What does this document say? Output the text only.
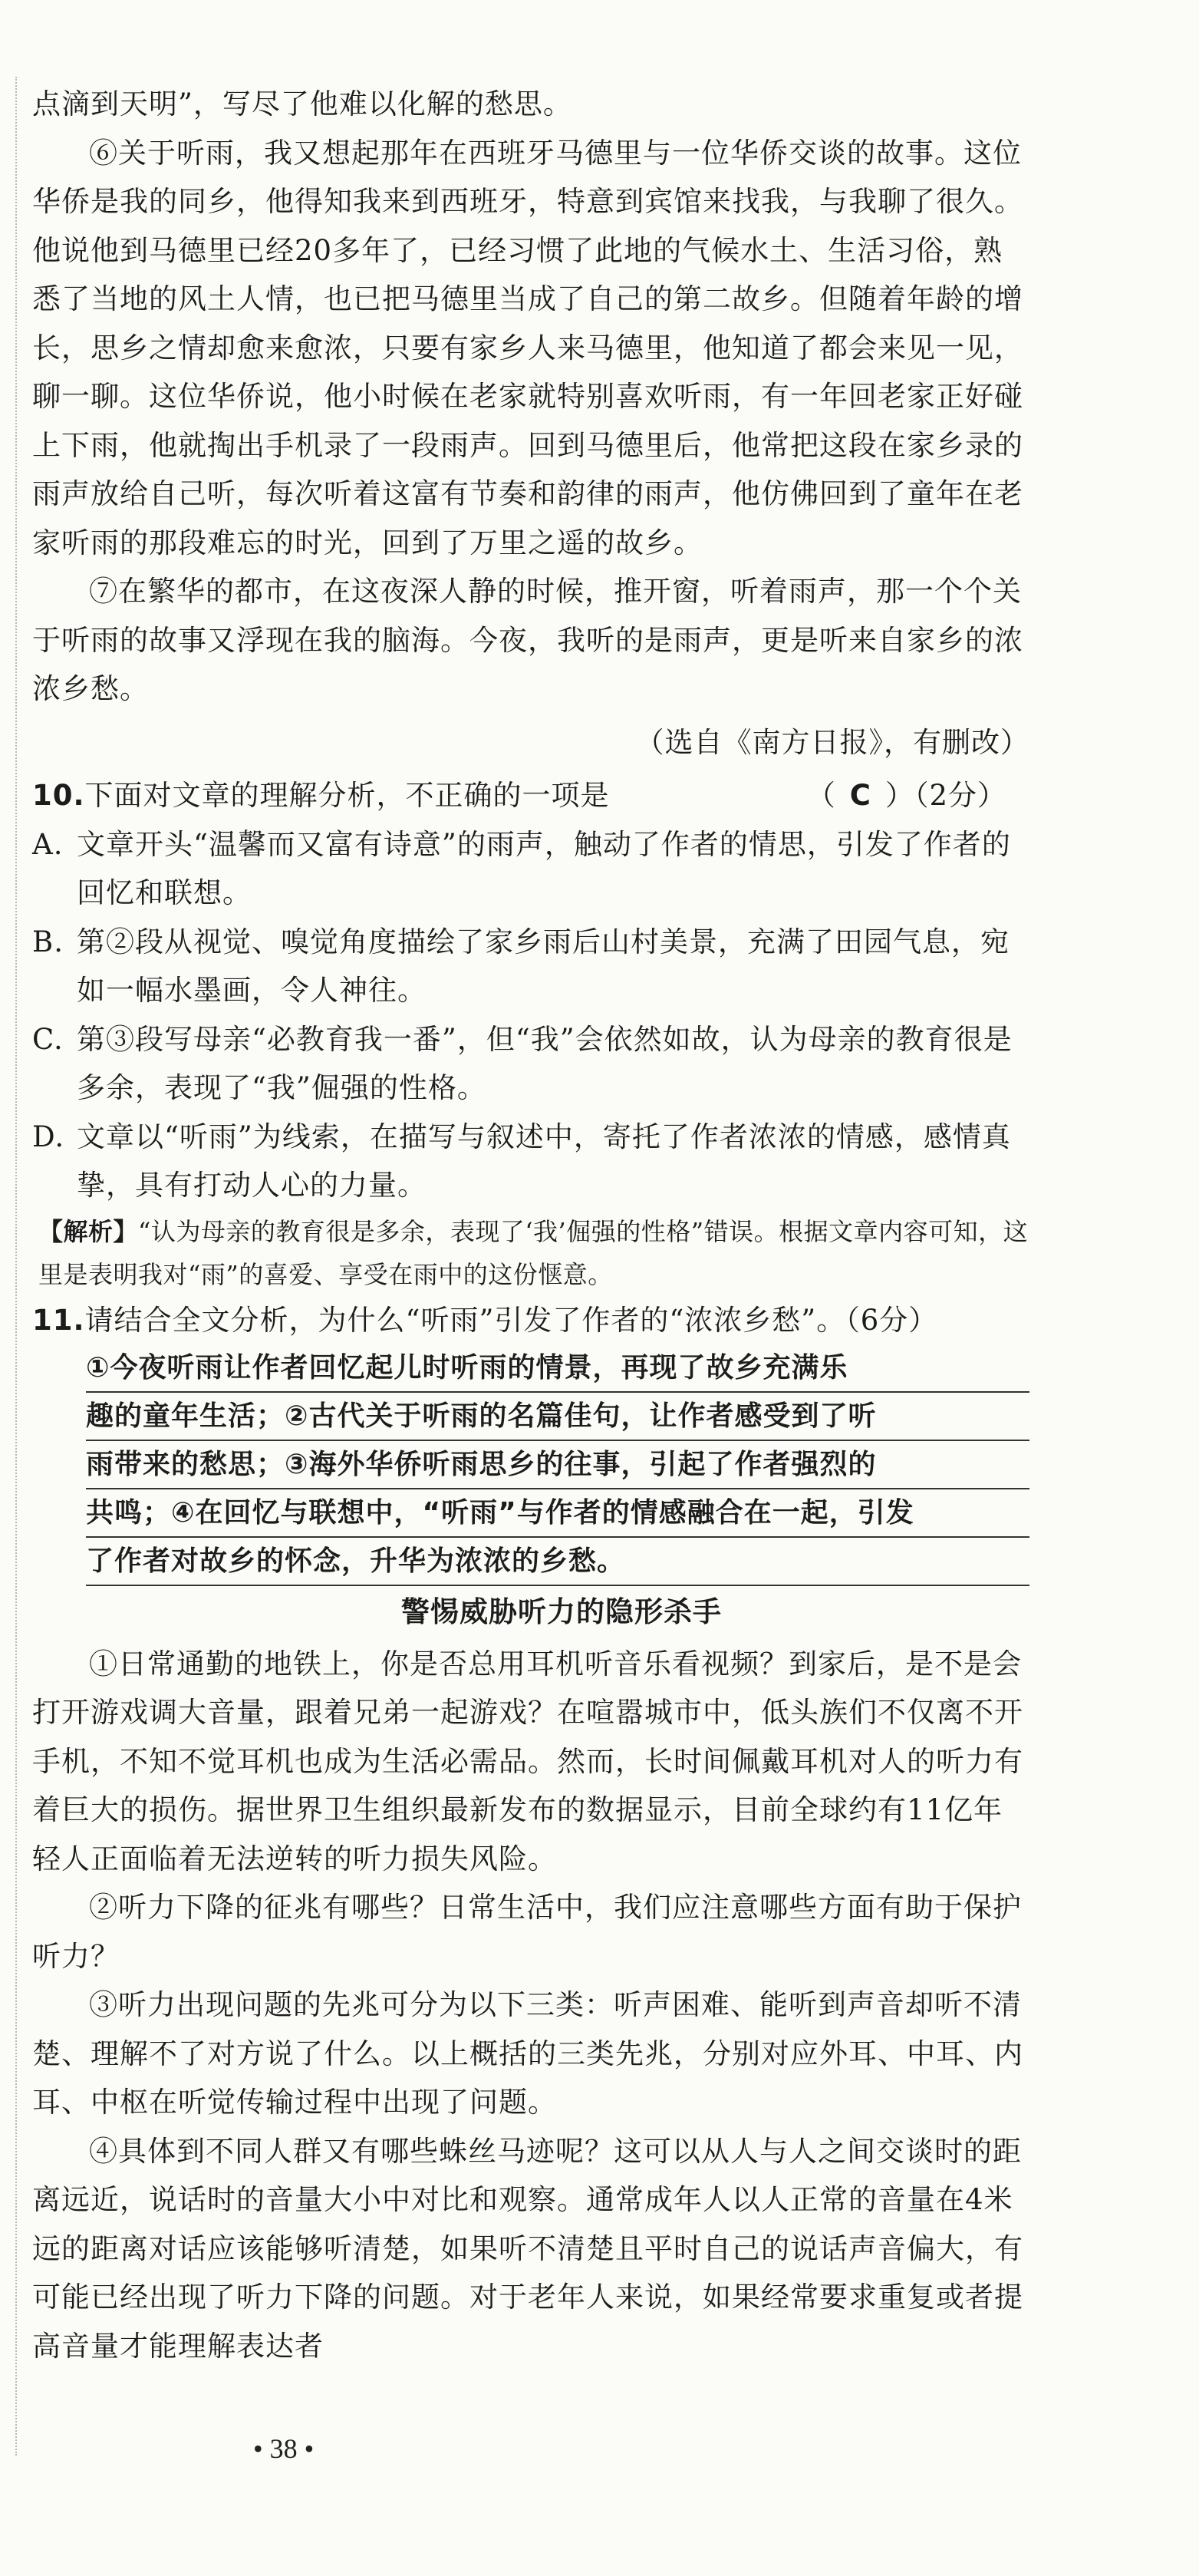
点滴到天明”，写尽了他难以化解的愁思。

⑥关于听雨，我又想起那年在西班牙马德里与一位华侨交谈的故事。这位华侨是我的同乡，他得知我来到西班牙，特意到宾馆来找我，与我聊了很久。他说他到马德里已经20多年了，已经习惯了此地的气候水土、生活习俗，熟悉了当地的风土人情，也已把马德里当成了自己的第二故乡。但随着年龄的增长，思乡之情却愈来愈浓，只要有家乡人来马德里，他知道了都会来见一见，聊一聊。这位华侨说，他小时候在老家就特别喜欢听雨，有一年回老家正好碰上下雨，他就掏出手机录了一段雨声。回到马德里后，他常把这段在家乡录的雨声放给自己听，每次听着这富有节奏和韵律的雨声，他仿佛回到了童年在老家听雨的那段难忘的时光，回到了万里之遥的故乡。

⑦在繁华的都市，在这夜深人静的时候，推开窗，听着雨声，那一个个关于听雨的故事又浮现在我的脑海。今夜，我听的是雨声，更是听来自家乡的浓浓乡愁。

（选自《南方日报》，有删改）

10.下面对文章的理解分析，不正确的一项是	（ C ）（2分）

A. 文章开头“温馨而又富有诗意”的雨声，触动了作者的情思，引发了作者的回忆和联想。

B. 第②段从视觉、嗅觉角度描绘了家乡雨后山村美景，充满了田园气息，宛如一幅水墨画，令人神往。

C. 第③段写母亲“必教育我一番”，但“我”会依然如故，认为母亲的教育很是多余，表现了“我”倔强的性格。

D. 文章以“听雨”为线索，在描写与叙述中，寄托了作者浓浓的情感，感情真挚，具有打动人心的力量。

【解析】“认为母亲的教育很是多余，表现了‘我’倔强的性格”错误。根据文章内容可知，这里是表明我对“雨”的喜爱、享受在雨中的这份惬意。

11.请结合全文分析，为什么“听雨”引发了作者的“浓浓乡愁”。（6分）

①今夜听雨让作者回忆起儿时听雨的情景，再现了故乡充满乐
趣的童年生活；②古代关于听雨的名篇佳句，让作者感受到了听
雨带来的愁思；③海外华侨听雨思乡的往事，引起了作者强烈的
共鸣；④在回忆与联想中，“听雨”与作者的情感融合在一起，引发
了作者对故乡的怀念，升华为浓浓的乡愁。

警惕威胁听力的隐形杀手

①日常通勤的地铁上，你是否总用耳机听音乐看视频？到家后，是不是会打开游戏调大音量，跟着兄弟一起游戏？在喧嚣城市中，低头族们不仅离不开手机，不知不觉耳机也成为生活必需品。然而，长时间佩戴耳机对人的听力有着巨大的损伤。据世界卫生组织最新发布的数据显示，目前全球约有11亿年轻人正面临着无法逆转的听力损失风险。

②听力下降的征兆有哪些？日常生活中，我们应注意哪些方面有助于保护听力？

③听力出现问题的先兆可分为以下三类：听声困难、能听到声音却听不清楚、理解不了对方说了什么。以上概括的三类先兆，分别对应外耳、中耳、内耳、中枢在听觉传输过程中出现了问题。

④具体到不同人群又有哪些蛛丝马迹呢？这可以从人与人之间交谈时的距离远近，说话时的音量大小中对比和观察。通常成年人以人正常的音量在4米远的距离对话应该能够听清楚，如果听不清楚且平时自己的说话声音偏大，有可能已经出现了听力下降的问题。对于老年人来说，如果经常要求重复或者提高音量才能理解表达者

• 38 •
